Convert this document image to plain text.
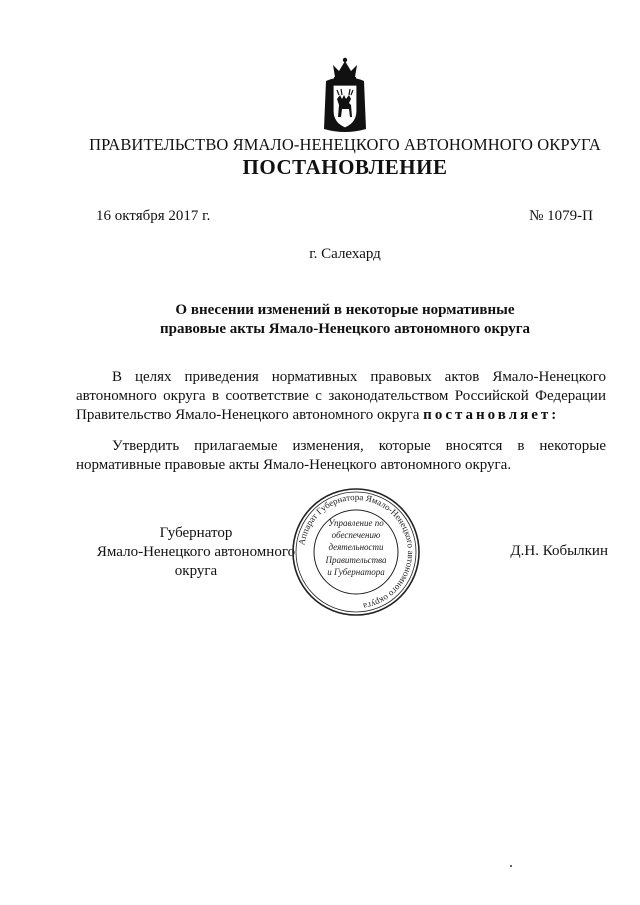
ПРАВИТЕЛЬСТВО ЯМАЛО-НЕНЕЦКОГО АВТОНОМНОГО ОКРУГА
ПОСТАНОВЛЕНИЕ
16 октября 2017 г.	№ 1079-П
г. Салехард
О внесении изменений в некоторые нормативные
правовые акты Ямало-Ненецкого автономного округа
В целях приведения нормативных правовых актов Ямало-Ненецкого автономного округа в соответствие с законодательством Российской Федерации Правительство Ямало-Ненецкого автономного округа постановляет:
Утвердить прилагаемые изменения, которые вносятся в некоторые нормативные правовые акты Ямало-Ненецкого автономного округа.
Губернатор
Ямало-Ненецкого автономного округа
Аппарат Губернатора Ямало-Ненецкого автономного округа
Управление по
обеспечению
деятельности
Правительства
и Губернатора
Д.Н. Кобылкин
